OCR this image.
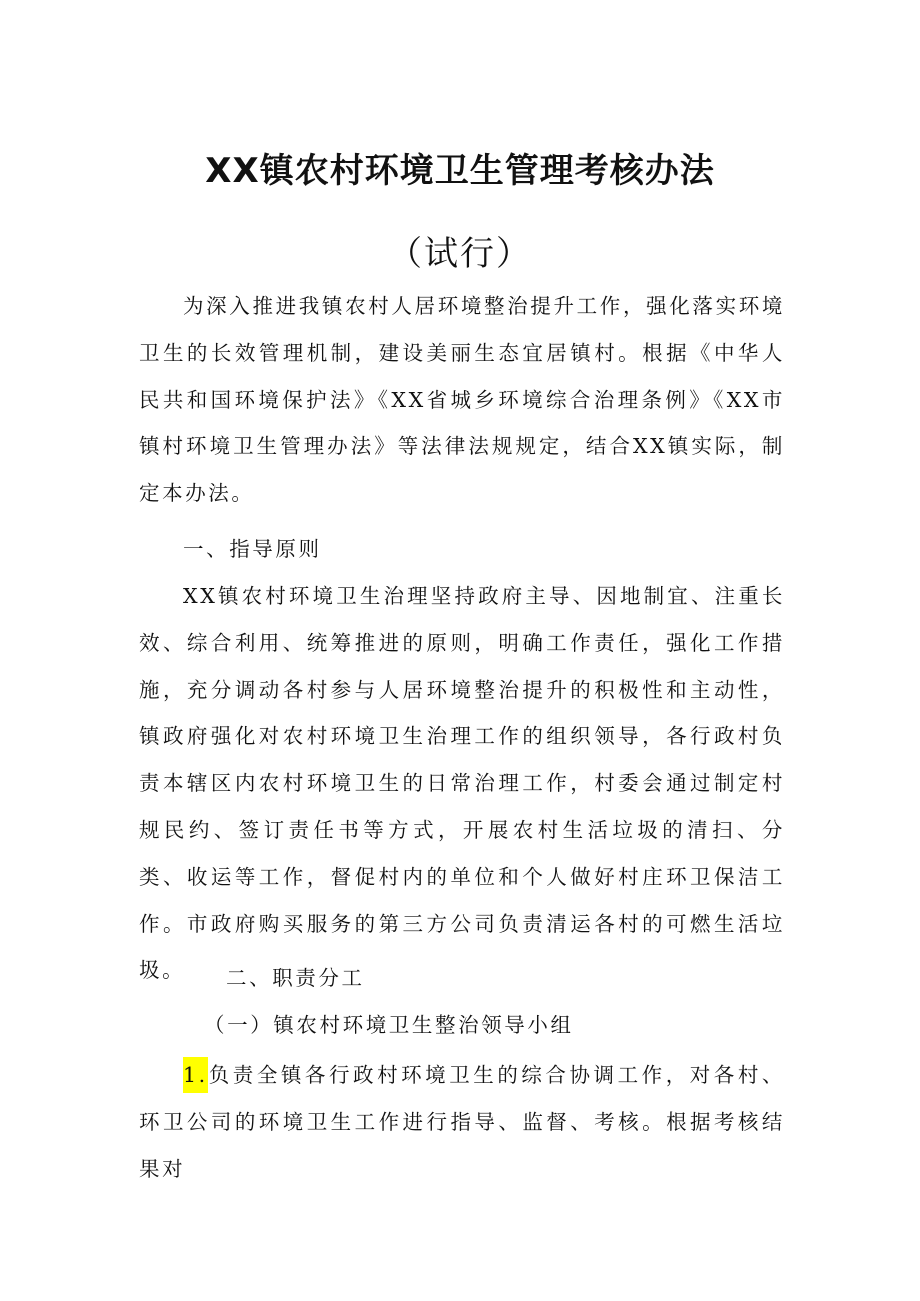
XX镇农村环境卫生管理考核办法
（试行）

为深入推进我镇农村人居环境整治提升工作，强化落实环境卫生的长效管理机制，建设美丽生态宜居镇村。根据《中华人民共和国环境保护法》《XX省城乡环境综合治理条例》《XX市镇村环境卫生管理办法》等法律法规规定，结合XX镇实际，制定本办法。

一、指导原则

XX镇农村环境卫生治理坚持政府主导、因地制宜、注重长效、综合利用、统筹推进的原则，明确工作责任，强化工作措施，充分调动各村参与人居环境整治提升的积极性和主动性，镇政府强化对农村环境卫生治理工作的组织领导，各行政村负责本辖区内农村环境卫生的日常治理工作，村委会通过制定村规民约、签订责任书等方式，开展农村生活垃圾的清扫、分类、收运等工作，督促村内的单位和个人做好村庄环卫保洁工作。市政府购买服务的第三方公司负责清运各村的可燃生活垃圾。	二、职责分工

（一）镇农村环境卫生整治领导小组

1.负责全镇各行政村环境卫生的综合协调工作，对各村、环卫公司的环境卫生工作进行指导、监督、考核。根据考核结果对
